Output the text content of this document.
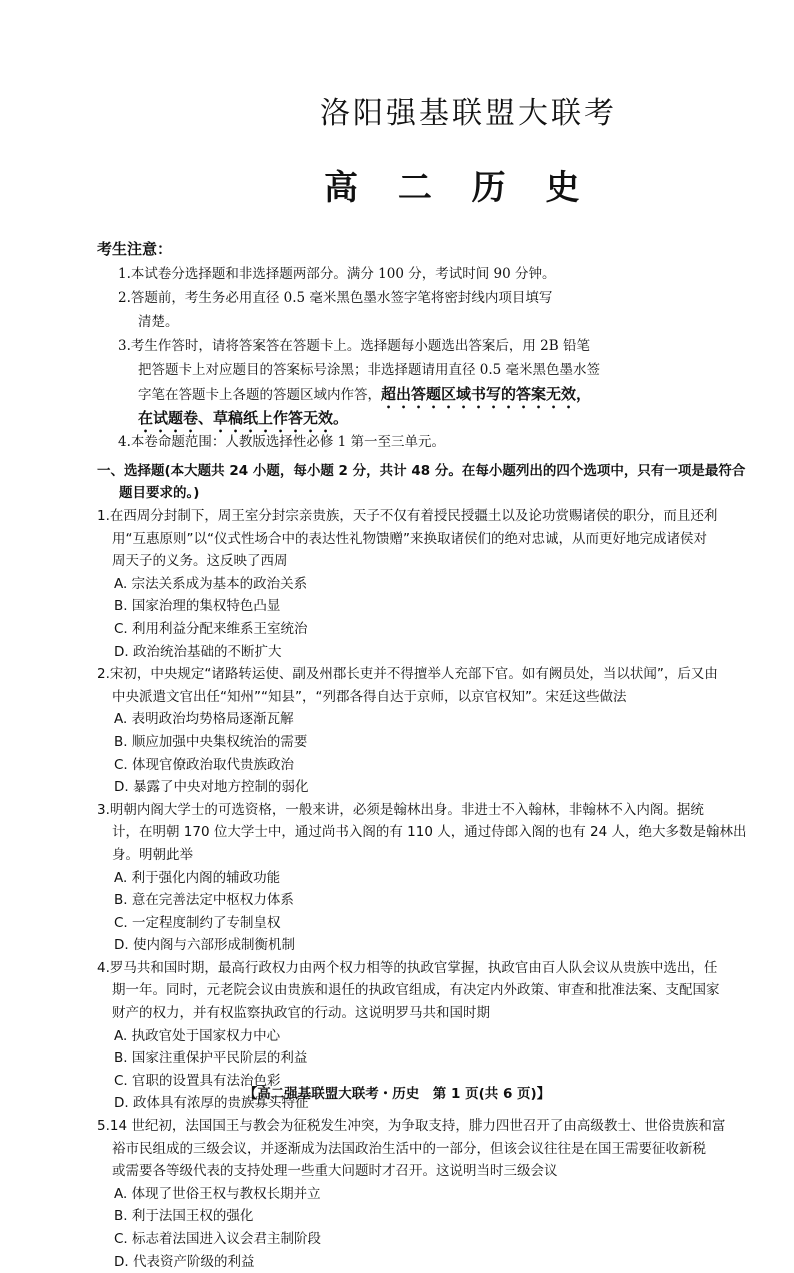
洛阳强基联盟大联考
高 二 历 史
考生注意：
1.本试卷分选择题和非选择题两部分。满分 100 分，考试时间 90 分钟。
2.答题前，考生务必用直径 0.5 毫米黑色墨水签字笔将密封线内项目填写
清楚。
3.考生作答时，请将答案答在答题卡上。选择题每小题选出答案后，用 2B 铅笔
把答题卡上对应题目的答案标号涂黑；非选择题请用直径 0.5 毫米黑色墨水签
字笔在答题卡上各题的答题区域内作答，超出答题区域书写的答案无效，
在试题卷、草稿纸上作答无效。
4.本卷命题范围：人教版选择性必修 1 第一至三单元。
一、选择题(本大题共 24 小题，每小题 2 分，共计 48 分。在每小题列出的四个选项中，只有一项是最符合
题目要求的。)
1.在西周分封制下，周王室分封宗亲贵族，天子不仅有着授民授疆土以及论功赏赐诸侯的职分，而且还利
用“互惠原则”以“仪式性场合中的表达性礼物馈赠”来换取诸侯们的绝对忠诚，从而更好地完成诸侯对
周天子的义务。这反映了西周
A. 宗法关系成为基本的政治关系
B. 国家治理的集权特色凸显
C. 利用利益分配来维系王室统治
D. 政治统治基础的不断扩大
2.宋初，中央规定“诸路转运使、副及州郡长吏并不得擅举人充部下官。如有阙员处，当以状闻”，后又由
中央派遣文官出任“知州”“知县”，“列郡各得自达于京师，以京官权知”。宋廷这些做法
A. 表明政治均势格局逐渐瓦解
B. 顺应加强中央集权统治的需要
C. 体现官僚政治取代贵族政治
D. 暴露了中央对地方控制的弱化
3.明朝内阁大学士的可选资格，一般来讲，必须是翰林出身。非进士不入翰林，非翰林不入内阁。据统
计，在明朝 170 位大学士中，通过尚书入阁的有 110 人，通过侍郎入阁的也有 24 人，绝大多数是翰林出
身。明朝此举
A. 利于强化内阁的辅政功能
B. 意在完善法定中枢权力体系
C. 一定程度制约了专制皇权
D. 使内阁与六部形成制衡机制
4.罗马共和国时期，最高行政权力由两个权力相等的执政官掌握，执政官由百人队会议从贵族中选出，任
期一年。同时，元老院会议由贵族和退任的执政官组成，有决定内外政策、审查和批准法案、支配国家
财产的权力，并有权监察执政官的行动。这说明罗马共和国时期
A. 执政官处于国家权力中心
B. 国家注重保护平民阶层的利益
C. 官职的设置具有法治色彩
D. 政体具有浓厚的贵族寡头特征
5.14 世纪初，法国国王与教会为征税发生冲突，为争取支持，腓力四世召开了由高级教士、世俗贵族和富
裕市民组成的三级会议，并逐渐成为法国政治生活中的一部分，但该会议往往是在国王需要征收新税
或需要各等级代表的支持处理一些重大问题时才召开。这说明当时三级会议
A. 体现了世俗王权与教权长期并立
B. 利于法国王权的强化
C. 标志着法国进入议会君主制阶段
D. 代表资产阶级的利益
【高二强基联盟大联考・历史　第 1 页(共 6 页)】
